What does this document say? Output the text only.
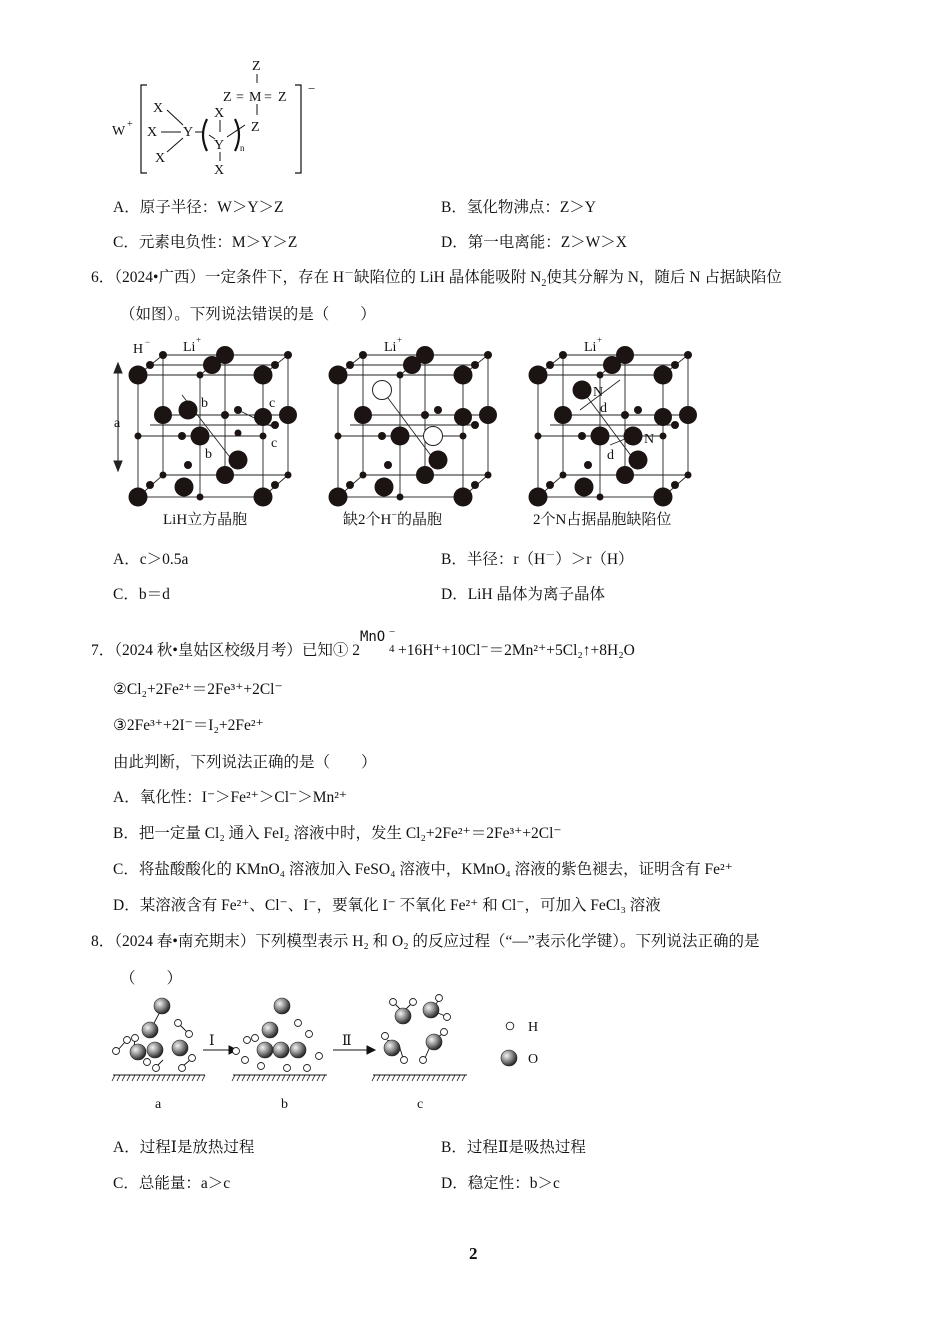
W +
−
X
X
X
Y
n
X
Y
X
Z
Z = M = Z
Z
A．原子半径：W＞Y＞Z	B．氢化物沸点：Z＞Y
C．元素电负性：M＞Y＞Z	D．第一电离能：Z＞W＞X
6．（2024•广西）一定条件下，存在 H－缺陷位的 LiH 晶体能吸附 $N_2$使其分解为 N，随后 N 占据缺陷位
（如图）。下列说法错误的是（　　）
H − Li +
a
b
b
c
c
Li +	Li +
N
N
d
d
LiH立方晶胞	缺2个H−的晶胞	2个N占据晶胞缺陷位
A．c＞0.5a	B．半径：r（H－）＞r（H）
C．b＝d	D．LiH 晶体为离子晶体
7．（2024 秋•皇姑区校级月考）已知① 2
MnO
4
−
+16H⁺+10Cl⁻＝2Mn²⁺+5Cl₂↑+8H₂O
②Cl₂+2Fe²⁺＝2Fe³⁺+2Cl⁻
③2Fe³⁺+2I⁻＝I₂+2Fe²⁺
由此判断，下列说法正确的是（　　）
A．氧化性：I⁻＞Fe²⁺＞Cl⁻＞Mn²⁺
B．把一定量 Cl₂ 通入 FeI₂ 溶液中时，发生 Cl₂+2Fe²⁺＝2Fe³⁺+2Cl⁻
C．将盐酸酸化的 KMnO₄ 溶液加入 FeSO₄ 溶液中，KMnO₄ 溶液的紫色褪去，证明含有 Fe²⁺
D．某溶液含有 Fe²⁺、Cl⁻、I⁻，要氧化 I⁻ 不氧化 Fe²⁺ 和 Cl⁻，可加入 FeCl₃ 溶液
8．（2024 春•南充期末）下列模型表示 H₂ 和 O₂ 的反应过程（“—”表示化学键）。下列说法正确的是
（　　）
Ⅰ	Ⅱ
a	b	c
H
O
A．过程Ⅰ是放热过程	B．过程Ⅱ是吸热过程
C．总能量：a＞c	D．稳定性：b＞c
2
